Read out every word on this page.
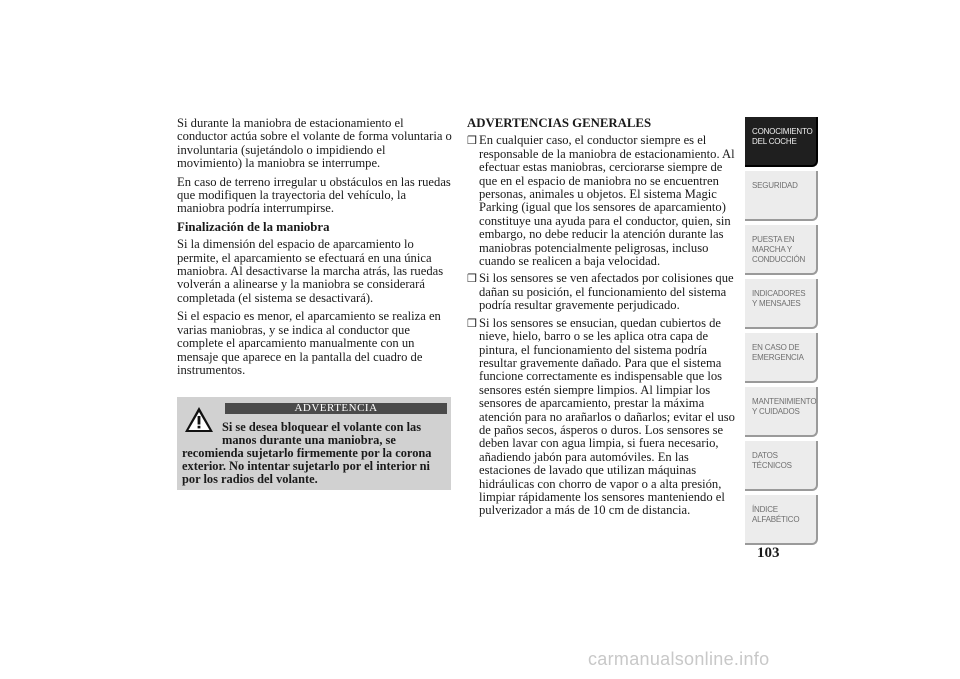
Si durante la maniobra de estacionamiento el conductor actúa sobre el volante de forma voluntaria o involuntaria (sujetándolo o impidiendo el movimiento) la maniobra se interrumpe.

En caso de terreno irregular u obstáculos en las ruedas que modifiquen la trayectoria del vehículo, la maniobra podría interrumpirse.

Finalización de la maniobra

Si la dimensión del espacio de aparcamiento lo permite, el aparcamiento se efectuará en una única maniobra. Al desactivarse la marcha atrás, las ruedas volverán a alinearse y la maniobra se considerará completada (el sistema se desactivará).

Si el espacio es menor, el aparcamiento se realiza en varias maniobras, y se indica al conductor que complete el aparcamiento manualmente con un mensaje que aparece en la pantalla del cuadro de instrumentos.

ADVERTENCIA
Si se desea bloquear el volante con las manos durante una maniobra, se
recomienda sujetarlo firmemente por la corona exterior. No intentar sujetarlo por el interior ni por los radios del volante.
ADVERTENCIAS GENERALES
❒ En cualquier caso, el conductor siempre es el responsable de la maniobra de estacionamiento. Al efectuar estas maniobras, cerciorarse siempre de que en el espacio de maniobra no se encuentren personas, animales u objetos. El sistema Magic Parking (igual que los sensores de aparcamiento) constituye una ayuda para el conductor, quien, sin embargo, no debe reducir la atención durante las maniobras potencialmente peligrosas, incluso cuando se realicen a baja velocidad.
❒ Si los sensores se ven afectados por colisiones que dañan su posición, el funcionamiento del sistema podría resultar gravemente perjudicado.
❒ Si los sensores se ensucian, quedan cubiertos de nieve, hielo, barro o se les aplica otra capa de pintura, el funcionamiento del sistema podría resultar gravemente dañado. Para que el sistema funcione correctamente es indispensable que los sensores estén siempre limpios. Al limpiar los sensores de aparcamiento, prestar la máxima atención para no arañarlos o dañarlos; evitar el uso de paños secos, ásperos o duros. Los sensores se deben lavar con agua limpia, si fuera necesario, añadiendo jabón para automóviles. En las estaciones de lavado que utilizan máquinas hidráulicas con chorro de vapor o a alta presión, limpiar rápidamente los sensores manteniendo el pulverizador a más de 10 cm de distancia.
CONOCIMIENTO DEL COCHE
SEGURIDAD
PUESTA EN MARCHA Y CONDUCCIÓN
INDICADORES Y MENSAJES
EN CASO DE EMERGENCIA
MANTENIMIENTO Y CUIDADOS
DATOS TÉCNICOS
ÍNDICE ALFABÉTICO
103
carmanualsonline.info
